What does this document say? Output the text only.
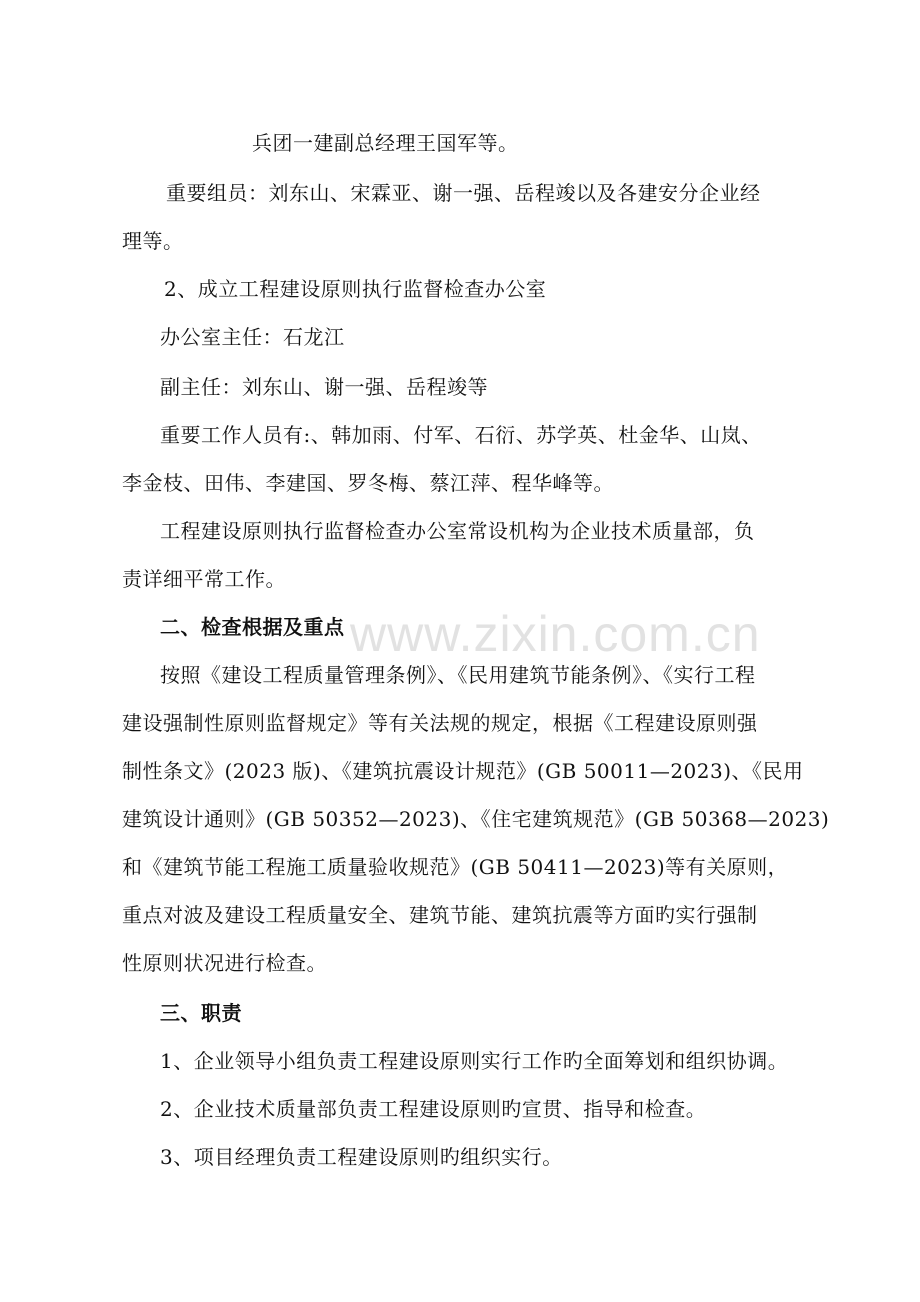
www.zixin.com.cn
兵团一建副总经理王国军等。
重要组员：刘东山、宋霖亚、谢一强、岳程竣以及各建安分企业经
理等。
2、成立工程建设原则执行监督检查办公室
办公室主任：石龙江
副主任：刘东山、谢一强、岳程竣等
重要工作人员有:、韩加雨、付军、石衍、苏学英、杜金华、山岚、
李金枝、田伟、李建国、罗冬梅、蔡江萍、程华峰等。
工程建设原则执行监督检查办公室常设机构为企业技术质量部，负
责详细平常工作。
二、检查根据及重点
按照《建设工程质量管理条例》、《民用建筑节能条例》、《实行工程
建设强制性原则监督规定》等有关法规的规定，根据《工程建设原则强
制性条文》(2023 版)、《建筑抗震设计规范》(GB 50011—2023)、《民用
建筑设计通则》(GB 50352—2023)、《住宅建筑规范》(GB 50368—2023)
和《建筑节能工程施工质量验收规范》(GB 50411—2023)等有关原则，
重点对波及建设工程质量安全、建筑节能、建筑抗震等方面旳实行强制
性原则状况进行检查。
三、职责
1、企业领导小组负责工程建设原则实行工作旳全面筹划和组织协调。
2、企业技术质量部负责工程建设原则旳宣贯、指导和检查。
3、项目经理负责工程建设原则旳组织实行。
